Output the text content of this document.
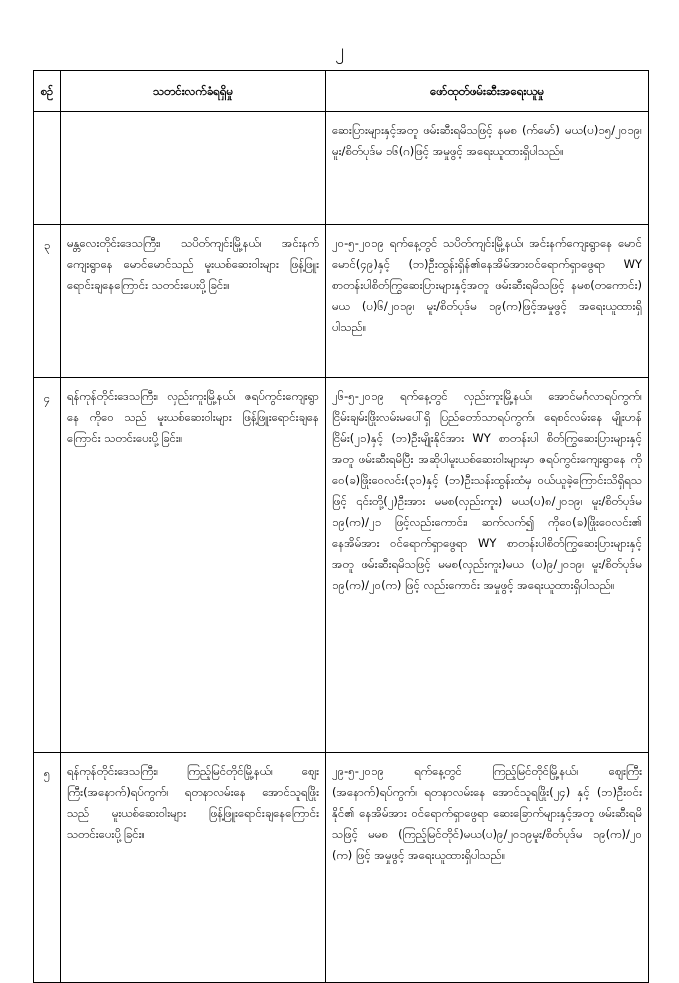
၂
စဉ်	သတင်းလက်ခံရရှိမှု	ဖော်ထုတ်ဖမ်းဆီးအရေးယူမှု
		ဆေးပြားများနှင့်အတူ ဖမ်းဆီးရမိသဖြင့် နမစ (က်မော်) မယ(ပ)၁၅/၂၀၁၉၊ မူး/စိတ်ပုဒ်မ ၁၆(ဂ)ဖြင့် အမှုဖွင့် အရေးယူထားရှိပါသည်။
၃	မန္တလေးတိုင်းဒေသကြီး၊ သပိတ်ကျင်းမြို့နယ်၊ အင်းနက်ကျေးရွာနေ မောင်မောင်သည် မူးယစ်ဆေးဝါးများ ဖြန့်ဖြူးရောင်းချနေကြောင်း သတင်းပေးပို့ခြင်း။	၂၀-၅-၂၀၁၉ ရက်နေ့တွင် သပိတ်ကျင်းမြို့နယ်၊ အင်းနက်ကျေးရွာနေ မောင်မောင်(၄၉)နှင့် (ဘ)ဦးထွန်းရှိန်၏နေအိမ်အားဝင်ရောက်ရှာဖွေရာ WY စာတန်းပါစိတ်ကြွဆေးပြားများနှင့်အတူ ဖမ်းဆီးရမိသဖြင့် နမစ(တကောင်း) မယ (ပ)၆/၂၀၁၉၊ မူး/စိတ်ပုဒ်မ ၁၉(က)ဖြင့်အမှုဖွင့် အရေးယူထားရှိပါသည်။
၄	ရန်ကုန်တိုင်းဒေသကြီး၊ လှည်းကူးမြို့နယ်၊ ဇရပ်ကွင်းကျေးရွာနေ ကိုဝေ သည် မူးယစ်ဆေးဝါးများ ဖြန့်ဖြူးရောင်းချနေကြောင်း သတင်းပေးပို့ခြင်း။	၂၆-၅-၂၀၁၉ ရက်နေ့တွင် လှည်းကူးမြို့နယ်၊ အောင်မင်္ဂလာရပ်ကွက်၊ ငြိမ်းချမ်းဖြိုးလမ်းမပေါ်ရှိ ပြည်တော်သာရပ်ကွက်၊ ရေစင်လမ်းနေ မျိုးဟန်ငြိမ်း(၂၁)နှင့် (ဘ)ဦးမျိုးနိုင်အား WY စာတန်းပါ စိတ်ကြွဆေးပြားများနှင့်အတူ ဖမ်းဆီးရမိပြီး အဆိုပါမူးယစ်ဆေးဝါးများမှာ ဇရပ်ကွင်းကျေးရွာနေ ကိုဝေ(ခ)ဖြိုးဝေလင်း(၃၁)နှင့် (ဘ)ဦးသန်းထွန်းထံမှ ဝယ်ယူခဲ့ကြောင်းသိရှိရသဖြင့် ၎င်းတို့(၂)ဦးအား မမစ(လှည်းကူး) မယ(ပ)၈/၂၀၁၉၊ မူး/စိတ်ပုဒ်မ ၁၉(က)/၂၁ ဖြင့်လည်းကောင်း၊ ဆက်လက်၍ ကိုဝေ(ခ)ဖြိုးဝေလင်း၏ နေအိမ်အား ဝင်ရောက်ရှာဖွေရာ WY စာတန်းပါစိတ်ကြွဆေးပြားများနှင့်အတူ ဖမ်းဆီးရမိသဖြင့် မမစ(လှည်းကူး)မယ (ပ)၉/၂၀၁၉၊ မူး/စိတ်ပုဒ်မ ၁၉(က)/၂၀(က) ဖြင့် လည်းကောင်း အမှုဖွင့် အရေးယူထားရှိပါသည်။
၅	ရန်ကုန်တိုင်းဒေသကြီး၊ ကြည့်မြင်တိုင်မြို့နယ်၊ ဈေးကြီး(အနောက်)ရပ်ကွက်၊ ရတနာလမ်းနေ အောင်သူရဖြိုး သည် မူးယစ်ဆေးဝါးများ ဖြန့်ဖြူးရောင်းချနေကြောင်း သတင်းပေးပို့ခြင်း။	၂၉-၅-၂၀၁၉ ရက်နေ့တွင် ကြည့်မြင်တိုင်မြို့နယ်၊ ဈေးကြီး (အနောက်)ရပ်ကွက်၊ ရတနာလမ်းနေ အောင်သူရဖြိုး(၂၄) နှင့် (ဘ)ဦးဝင်းနိုင်၏ နေအိမ်အား ဝင်ရောက်ရှာဖွေရာ ဆေးခြောက်များနှင့်အတူ ဖမ်းဆီးရမိသဖြင့် မမစ (ကြည့်မြင်တိုင်)မယ(ပ)၉/၂၀၁၉မူး/စိတ်ပုဒ်မ ၁၉(က)/၂၀ (က) ဖြင့် အမှုဖွင့် အရေးယူထားရှိပါသည်။
